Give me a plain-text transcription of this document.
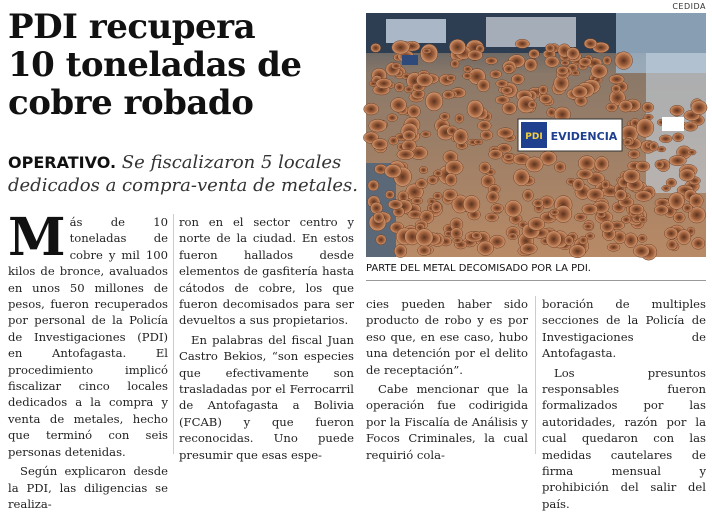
PDI recupera
10 toneladas de
cobre robado
OPERATIVO. Se fiscalizaron 5 locales dedicados a compra-venta de metales.
CEDIDA
PDI EVIDENCIA
PARTE DEL METAL DECOMISADO POR LA PDI.

Más de 10 toneladas de cobre y mil 100 kilos de bronce, avaluados en unos 50 millones de pesos, fueron recuperados por personal de la Policía de Investigaciones (PDI) en Antofagasta. El procedimiento implicó fiscalizar cinco locales dedicados a la compra y venta de metales, hecho que terminó con seis personas detenidas.

Según explicaron desde la PDI, las diligencias se realiza-

ron en el sector centro y norte de la ciudad. En estos fueron hallados desde elementos de gasfitería hasta cátodos de cobre, los que fueron decomisados para ser devueltos a sus propietarios.

En palabras del fiscal Juan Castro Bekios, “son especies que efectivamente son trasladadas por el Ferrocarril de Antofagasta a Bolivia (FCAB) y que fueron reconocidas. Uno puede presumir que esas espe-

cies pueden haber sido producto de robo y es por eso que, en ese caso, hubo una detención por el delito de receptación”.

Cabe mencionar que la operación fue codirigida por la Fiscalía de Análisis y Focos Criminales, la cual requirió cola-

boración de multiples secciones de la Policía de Investigaciones de Antofagasta.

Los presuntos responsables fueron formalizados por las autoridades, razón por la cual quedaron con las medidas cautelares de firma mensual y prohibición del salir del país.
